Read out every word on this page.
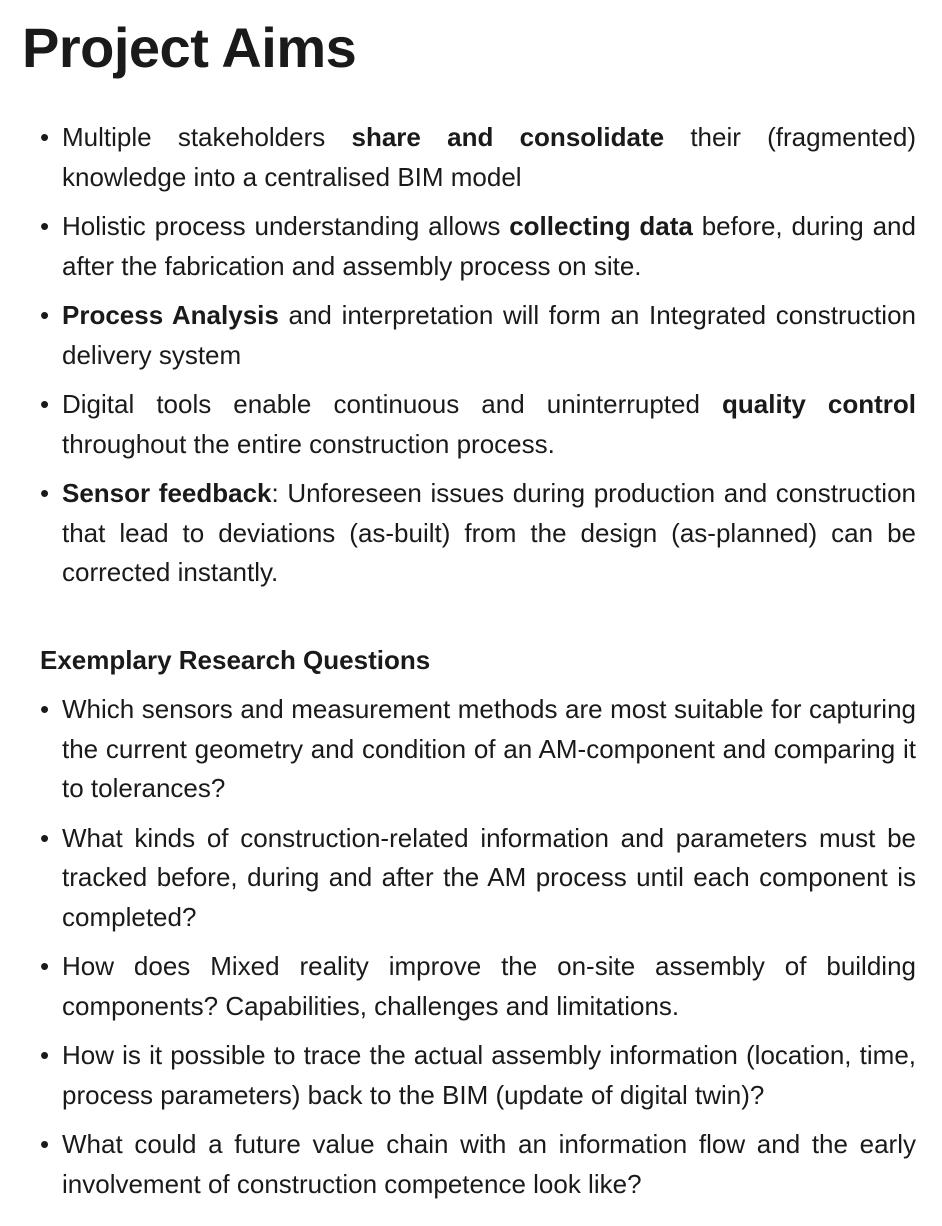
Project Aims
• Multiple stakeholders share and consolidate their (fragmented) knowledge into a centralised BIM model
• Holistic process understanding allows collecting data before, during and after the fabrication and assembly process on site.
• Process Analysis and interpretation will form an Integrated construction delivery system
• Digital tools enable continuous and uninterrupted quality control throughout the entire construction process.
• Sensor feedback: Unforeseen issues during production and construction that lead to deviations (as-built) from the design (as-planned) can be corrected instantly.
Exemplary Research Questions
• Which sensors and measurement methods are most suitable for capturing the current geometry and condition of an AM-component and comparing it to tolerances?
• What kinds of construction-related information and parameters must be tracked before, during and after the AM process until each component is completed?
• How does Mixed reality improve the on-site assembly of building components? Capabilities, challenges and limitations.
• How is it possible to trace the actual assembly information (location, time, process parameters) back to the BIM (update of digital twin)?
• What could a future value chain with an information flow and the early involvement of construction competence look like?
